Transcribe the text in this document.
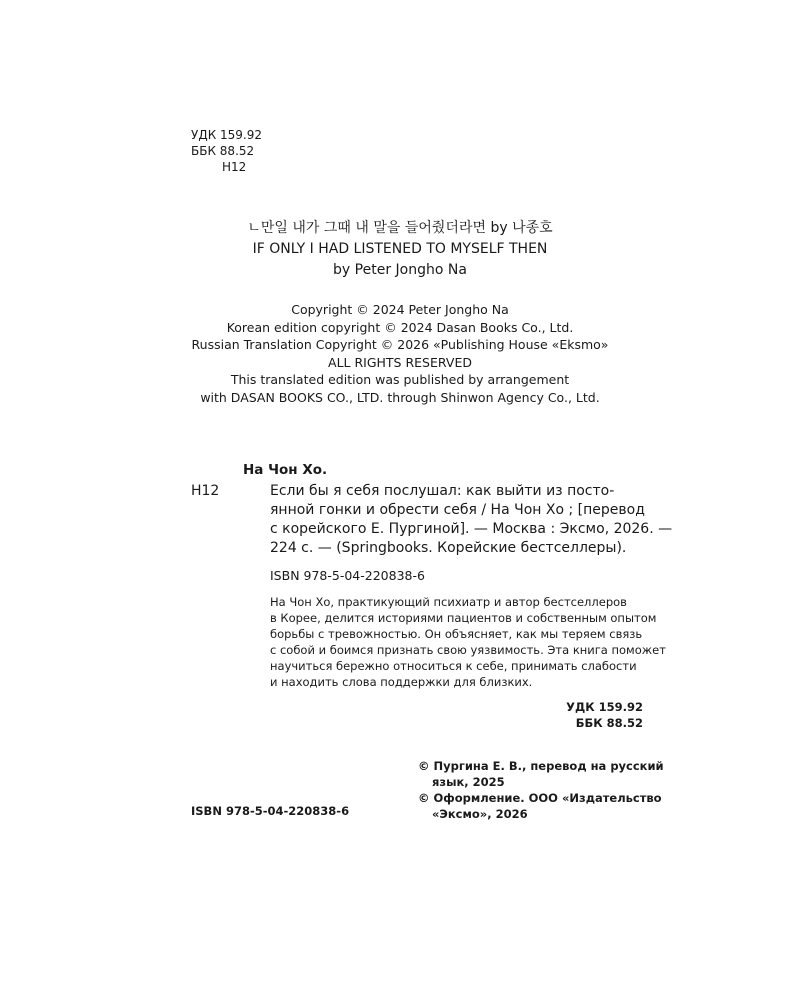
УДК 159.92
ББК 88.52
Н12
ㄴ만일 내가 그때 내 말을 들어줬더라면 by 나종호
IF ONLY I HAD LISTENED TO MYSELF THEN
by Peter Jongho Na
Copyright © 2024 Peter Jongho Na
Korean edition copyright © 2024 Dasan Books Co., Ltd.
Russian Translation Copyright © 2026 «Publishing House «Eksmo»
ALL RIGHTS RESERVED
This translated edition was published by arrangement
with DASAN BOOKS CO., LTD. through Shinwon Agency Co., Ltd.
На Чон Хо.
Н12	Если бы я себя послушал: как выйти из посто-
янной гонки и обрести себя / На Чон Хо ; [перевод
с корейского Е. Пургиной]. — Москва : Эксмо, 2026. —
224 с. — (Springbooks. Корейские бестселлеры).
ISBN 978-5-04-220838-6
На Чон Хо, практикующий психиатр и автор бестселлеров
в Корее, делится историями пациентов и собственным опытом
борьбы с тревожностью. Он объясняет, как мы теряем связь
с собой и боимся признать свою уязвимость. Эта книга поможет
научиться бережно относиться к себе, принимать слабости
и находить слова поддержки для близких.
УДК 159.92
ББК 88.52
© Пургина Е. В., перевод на русский
язык, 2025
© Оформление. ООО «Издательство
«Эксмо», 2026
ISBN 978-5-04-220838-6
